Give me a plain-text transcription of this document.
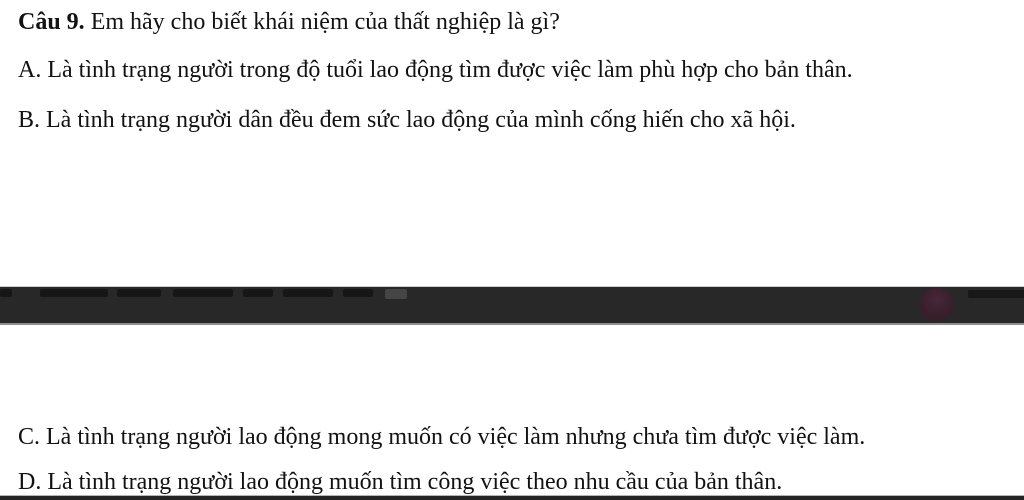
Câu 9. Em hãy cho biết khái niệm của thất nghiệp là gì?
A. Là tình trạng người trong độ tuổi lao động tìm được việc làm phù hợp cho bản thân.
B. Là tình trạng người dân đều đem sức lao động của mình cống hiến cho xã hội.
C. Là tình trạng người lao động mong muốn có việc làm nhưng chưa tìm được việc làm.
D. Là tình trạng người lao động muốn tìm công việc theo nhu cầu của bản thân.
